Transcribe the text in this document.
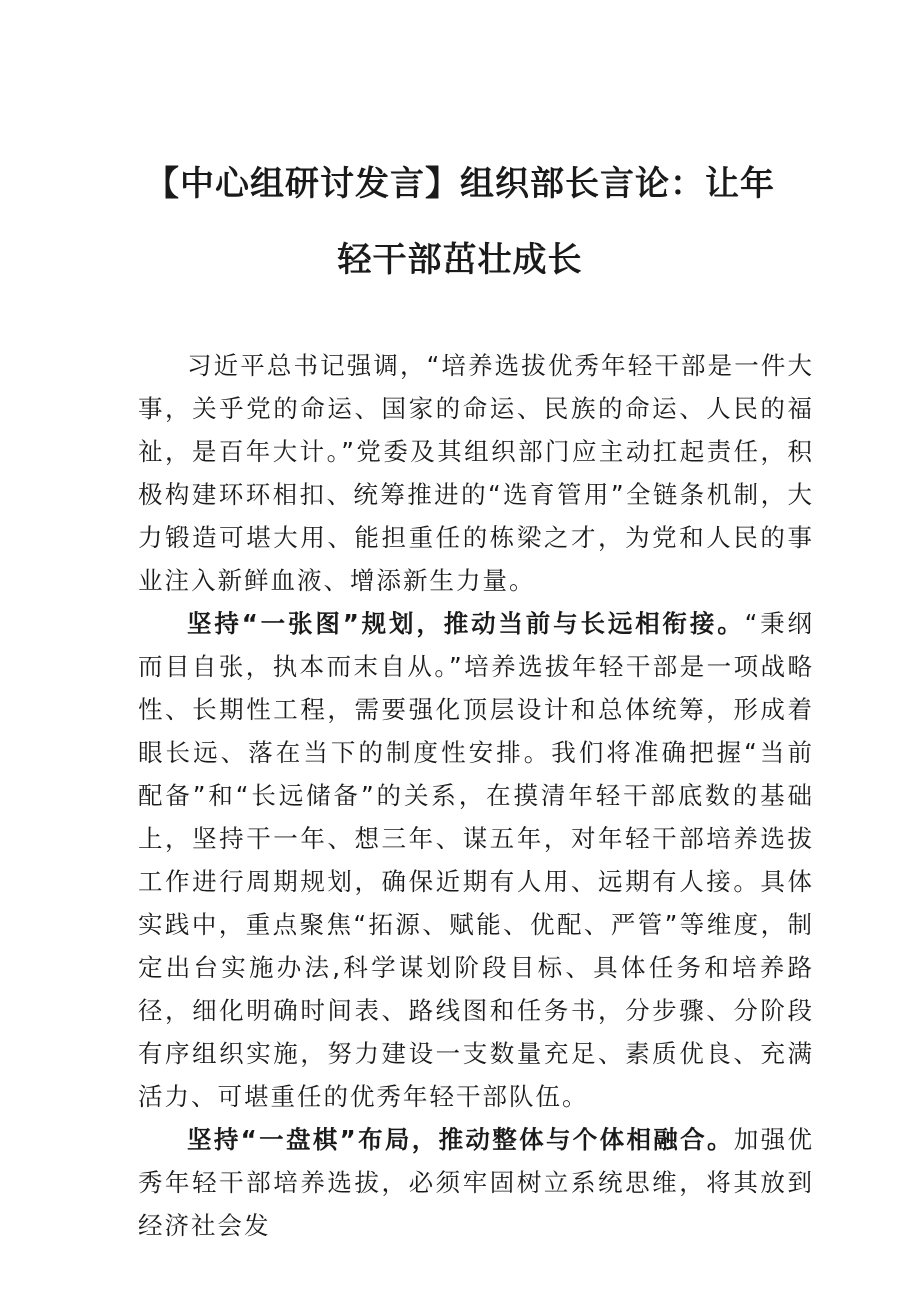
【中心组研讨发言】组织部长言论：让年
轻干部茁壮成长

习近平总书记强调，“培养选拔优秀年轻干部是一件大事，关乎党的命运、国家的命运、民族的命运、人民的福祉，是百年大计。”党委及其组织部门应主动扛起责任，积极构建环环相扣、统筹推进的“选育管用”全链条机制，大力锻造可堪大用、能担重任的栋梁之才，为党和人民的事业注入新鲜血液、增添新生力量。

坚持“一张图”规划，推动当前与长远相衔接。“秉纲而目自张，执本而末自从。”培养选拔年轻干部是一项战略性、长期性工程，需要强化顶层设计和总体统筹，形成着眼长远、落在当下的制度性安排。我们将准确把握“当前配备”和“长远储备”的关系，在摸清年轻干部底数的基础上，坚持干一年、想三年、谋五年，对年轻干部培养选拔工作进行周期规划，确保近期有人用、远期有人接。具体实践中，重点聚焦“拓源、赋能、优配、严管”等维度，制定出台实施办法,科学谋划阶段目标、具体任务和培养路径，细化明确时间表、路线图和任务书，分步骤、分阶段有序组织实施，努力建设一支数量充足、素质优良、充满活力、可堪重任的优秀年轻干部队伍。

坚持“一盘棋”布局，推动整体与个体相融合。加强优秀年轻干部培养选拔，必须牢固树立系统思维，将其放到经济社会发
